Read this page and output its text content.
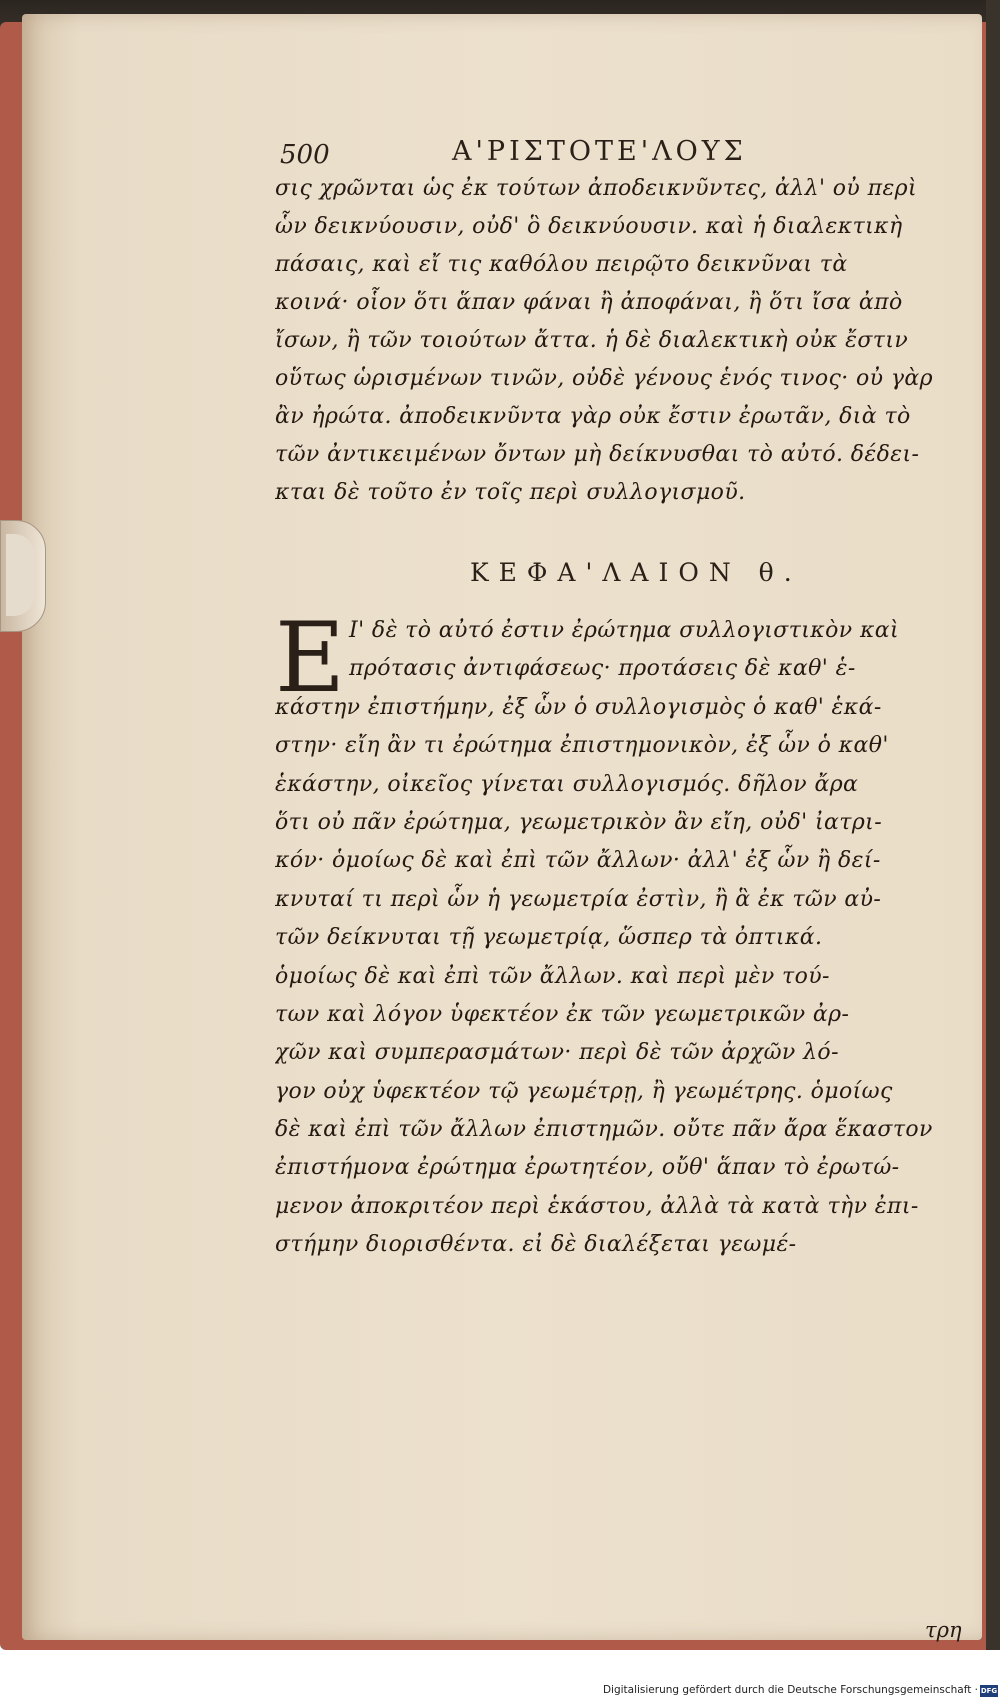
500	Α'ΡΙΣΤΟΤΕ'ΛΟΥΣ
σις χρῶνται ὡς ἐκ τούτων ἀποδεικνῦντες, ἀλλ' οὐ περὶ
ὧν δεικνύουσιν, οὐδ' ὃ δεικνύουσιν. καὶ ἡ διαλεκτικὴ
πάσαις, καὶ εἴ τις καθόλου πειρῷτο δεικνῦναι τὰ
κοινά· οἷον ὅτι ἅπαν φάναι ἢ ἀποφάναι, ἢ ὅτι ἴσα ἀπὸ
ἴσων, ἢ τῶν τοιούτων ἄττα. ἡ δὲ διαλεκτικὴ οὐκ ἔστιν
οὕτως ὡρισμένων τινῶν, οὐδὲ γένους ἑνός τινος· οὐ γὰρ
ἂν ἠρώτα. ἀποδεικνῦντα γὰρ οὐκ ἔστιν ἐρωτᾶν, διὰ τὸ
τῶν ἀντικειμένων ὄντων μὴ δείκνυσθαι τὸ αὐτό. δέδει-
κται δὲ τοῦτο ἐν τοῖς περὶ συλλογισμοῦ.
ΚΕΦΑ'ΛΑΙΟΝ θ.
E Ι' δὲ τὸ αὐτό ἐστιν ἐρώτημα συλλογιστικὸν καὶ
πρότασις ἀντιφάσεως· προτάσεις δὲ καθ' ἑ-
κάστην ἐπιστήμην, ἐξ ὧν ὁ συλλογισμὸς ὁ καθ' ἑκά-
στην· εἴη ἂν τι ἐρώτημα ἐπιστημονικὸν, ἐξ ὧν ὁ καθ'
ἑκάστην, οἰκεῖος γίνεται συλλογισμός. δῆλον ἄρα
ὅτι οὐ πᾶν ἐρώτημα, γεωμετρικὸν ἂν εἴη, οὐδ' ἰατρι-
κόν· ὁμοίως δὲ καὶ ἐπὶ τῶν ἄλλων· ἀλλ' ἐξ ὧν ἢ δεί-
κνυταί τι περὶ ὧν ἡ γεωμετρία ἐστὶν, ἢ ἃ ἐκ τῶν αὐ-
τῶν δείκνυται τῇ γεωμετρίᾳ, ὥσπερ τὰ ὀπτικά.
ὁμοίως δὲ καὶ ἐπὶ τῶν ἄλλων. καὶ περὶ μὲν τού-
των καὶ λόγον ὑφεκτέον ἐκ τῶν γεωμετρικῶν ἀρ-
χῶν καὶ συμπερασμάτων· περὶ δὲ τῶν ἀρχῶν λό-
γον οὐχ ὑφεκτέον τῷ γεωμέτρῃ, ἢ γεωμέτρης. ὁμοίως
δὲ καὶ ἐπὶ τῶν ἄλλων ἐπιστημῶν. οὔτε πᾶν ἄρα ἕκαστον
ἐπιστήμονα ἐρώτημα ἐρωτητέον, οὔθ' ἅπαν τὸ ἐρωτώ-
μενον ἀποκριτέον περὶ ἑκάστου, ἀλλὰ τὰ κατὰ τὴν ἐπι-
στήμην διορισθέντα. εἰ δὲ διαλέξεται γεωμέ-
τρη
Digitalisierung gefördert durch die Deutsche Forschungsgemeinschaft · DFG
